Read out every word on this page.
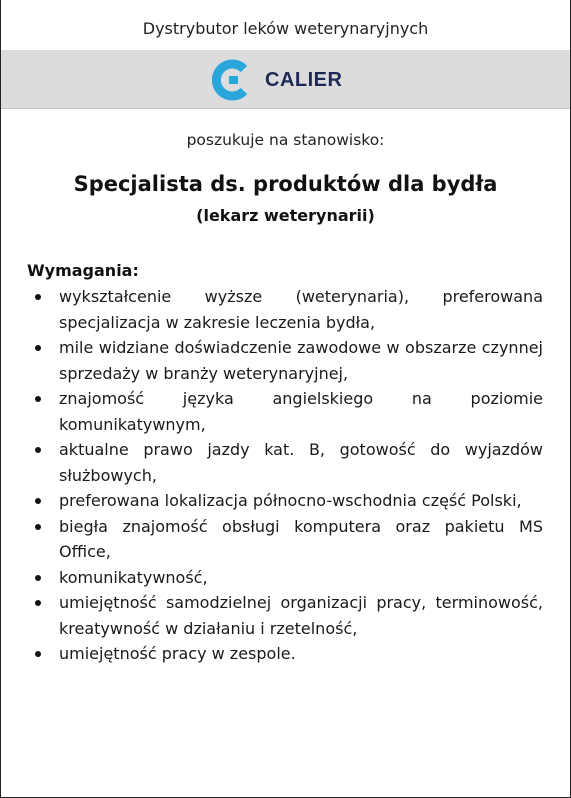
Dystrybutor leków weterynaryjnych
CALIER
poszukuje na stanowisko:
Specjalista ds. produktów dla bydła
(lekarz weterynarii)
Wymagania:
wykształcenie wyższe (weterynaria), preferowana specjalizacja w zakresie leczenia bydła,
mile widziane doświadczenie zawodowe w obszarze czynnej sprzedaży w branży weterynaryjnej,
znajomość języka angielskiego na poziomie komunikatywnym,
aktualne prawo jazdy kat. B, gotowość do wyjazdów służbowych,
preferowana lokalizacja północno-wschodnia część Polski,
biegła znajomość obsługi komputera oraz pakietu MS Office,
komunikatywność,
umiejętność samodzielnej organizacji pracy, terminowość, kreatywność w działaniu i rzetelność,
umiejętność pracy w zespole.
